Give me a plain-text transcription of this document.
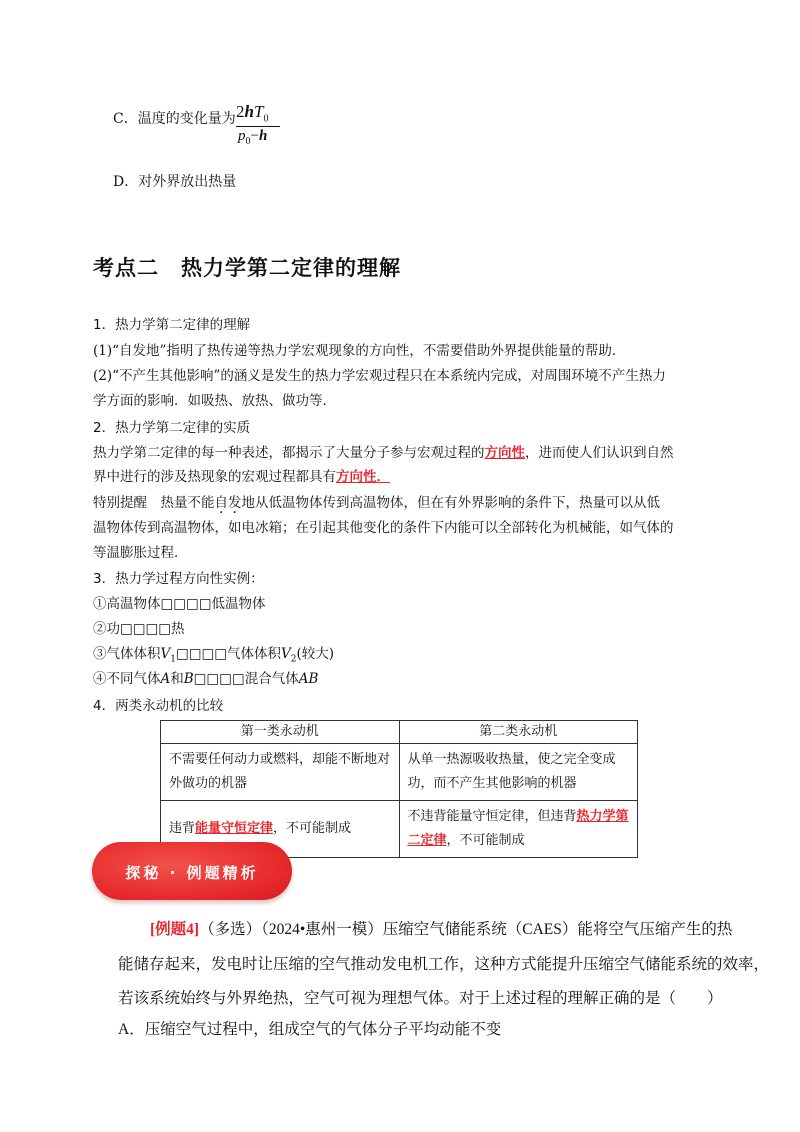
C．温度的变化量为 $2hT_0$
$p_0-h$
D．对外界放出热量
考点二　热力学第二定律的理解
1．热力学第二定律的理解
(1)“自发地”指明了热传递等热力学宏观现象的方向性，不需要借助外界提供能量的帮助．
(2)“不产生其他影响”的涵义是发生的热力学宏观过程只在本系统内完成，对周围环境不产生热力
学方面的影响．如吸热、放热、做功等．
2．热力学第二定律的实质
热力学第二定律的每一种表述，都揭示了大量分子参与宏观过程的方向性，进而使人们认识到自然
界中进行的涉及热现象的宏观过程都具有方向性．
特别提醒　热量不能自发地从低温物体传到高温物体，但在有外界影响的条件下，热量可以从低
温物体传到高温物体，如电冰箱；在引起其他变化的条件下内能可以全部转化为机械能，如气体的
等温膨胀过程．
3．热力学过程方向性实例：
①高温物体□□□□低温物体
②功□□□□热
③气体体积$V_1□□□□$气体体积$V_2$(较大)
④不同气体A和B□□□□混合气体AB
4．两类永动机的比较
第一类永动机	第二类永动机
不需要任何动力或燃料，却能不断地对外做功的机器	从单一热源吸收热量，使之完全变成功，而不产生其他影响的机器
违背能量守恒定律，不可能制成	不违背能量守恒定律，但违背热力学第二定律，不可能制成
探秘 · 例题精析
[例题4]（多选）（2024•惠州一模）压缩空气储能系统（CAES）能将空气压缩产生的热
能储存起来，发电时让压缩的空气推动发电机工作，这种方式能提升压缩空气储能系统的效率，
若该系统始终与外界绝热，空气可视为理想气体。对于上述过程的理解正确的是（　　）
A．压缩空气过程中，组成空气的气体分子平均动能不变
